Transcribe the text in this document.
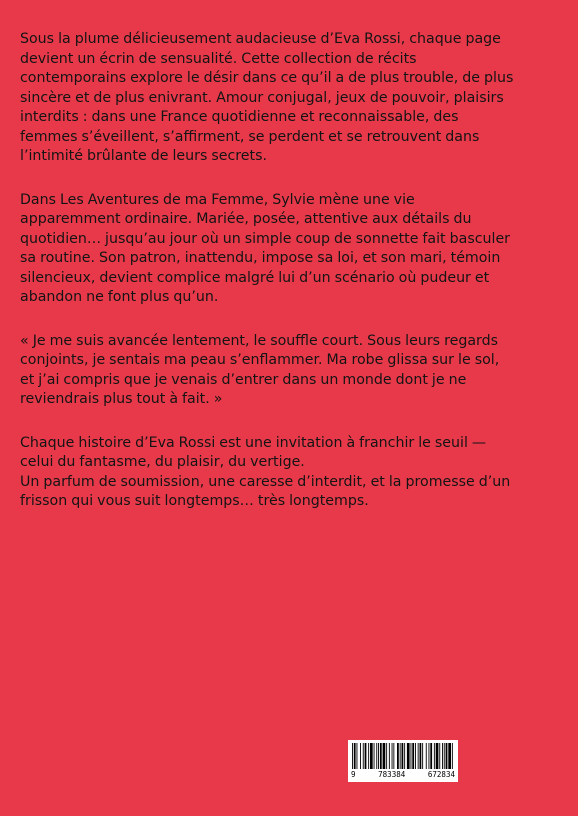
Sous la plume délicieusement audacieuse d’Eva Rossi, chaque page
devient un écrin de sensualité. Cette collection de récits
contemporains explore le désir dans ce qu’il a de plus trouble, de plus
sincère et de plus enivrant. Amour conjugal, jeux de pouvoir, plaisirs
interdits : dans une France quotidienne et reconnaissable, des
femmes s’éveillent, s’affirment, se perdent et se retrouvent dans
l’intimité brûlante de leurs secrets.

Dans Les Aventures de ma Femme, Sylvie mène une vie
apparemment ordinaire. Mariée, posée, attentive aux détails du
quotidien… jusqu’au jour où un simple coup de sonnette fait basculer
sa routine. Son patron, inattendu, impose sa loi, et son mari, témoin
silencieux, devient complice malgré lui d’un scénario où pudeur et
abandon ne font plus qu’un.

« Je me suis avancée lentement, le souffle court. Sous leurs regards
conjoints, je sentais ma peau s’enflammer. Ma robe glissa sur le sol,
et j’ai compris que je venais d’entrer dans un monde dont je ne
reviendrais plus tout à fait. »

Chaque histoire d’Eva Rossi est une invitation à franchir le seuil —
celui du fantasme, du plaisir, du vertige.
Un parfum de soumission, une caresse d’interdit, et la promesse d’un
frisson qui vous suit longtemps… très longtemps.

9	783384	672834
